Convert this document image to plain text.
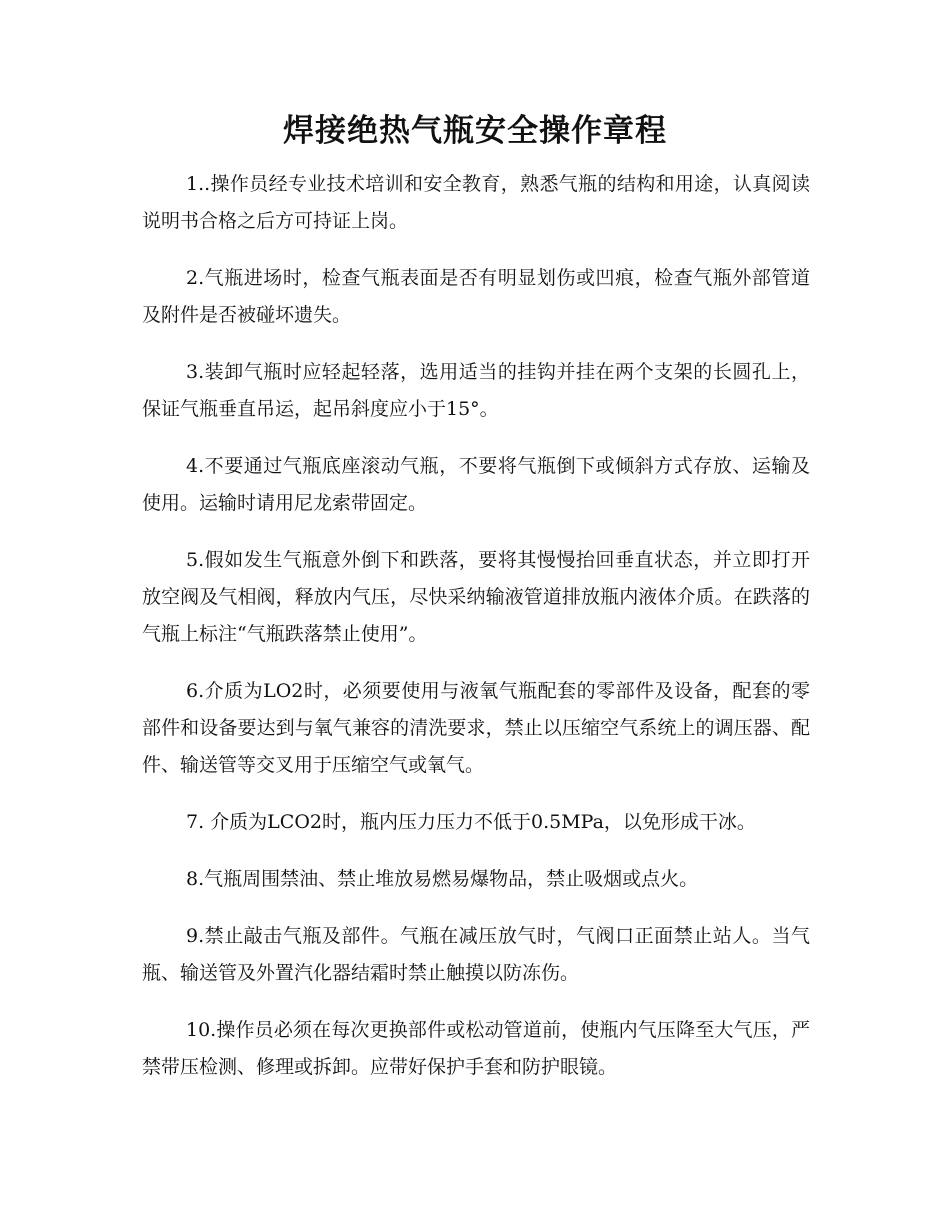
焊接绝热气瓶安全操作章程

1..操作员经专业技术培训和安全教育，熟悉气瓶的结构和用途，认真阅读说明书合格之后方可持证上岗。

2.气瓶进场时，检查气瓶表面是否有明显划伤或凹痕，检查气瓶外部管道及附件是否被碰坏遗失。

3.装卸气瓶时应轻起轻落，选用适当的挂钩并挂在两个支架的长圆孔上，保证气瓶垂直吊运，起吊斜度应小于15°。

4.不要通过气瓶底座滚动气瓶，不要将气瓶倒下或倾斜方式存放、运输及使用。运输时请用尼龙索带固定。

5.假如发生气瓶意外倒下和跌落，要将其慢慢抬回垂直状态，并立即打开放空阀及气相阀，释放内气压，尽快采纳输液管道排放瓶内液体介质。在跌落的气瓶上标注“气瓶跌落禁止使用”。

6.介质为LO2时，必须要使用与液氧气瓶配套的零部件及设备，配套的零部件和设备要达到与氧气兼容的清洗要求，禁止以压缩空气系统上的调压器、配件、输送管等交叉用于压缩空气或氧气。

7. 介质为LCO2时，瓶内压力压力不低于0.5MPa，以免形成干冰。

8.气瓶周围禁油、禁止堆放易燃易爆物品，禁止吸烟或点火。

9.禁止敲击气瓶及部件。气瓶在减压放气时，气阀口正面禁止站人。当气瓶、输送管及外置汽化器结霜时禁止触摸以防冻伤。

10.操作员必须在每次更换部件或松动管道前，使瓶内气压降至大气压，严禁带压检测、修理或拆卸。应带好保护手套和防护眼镜。
